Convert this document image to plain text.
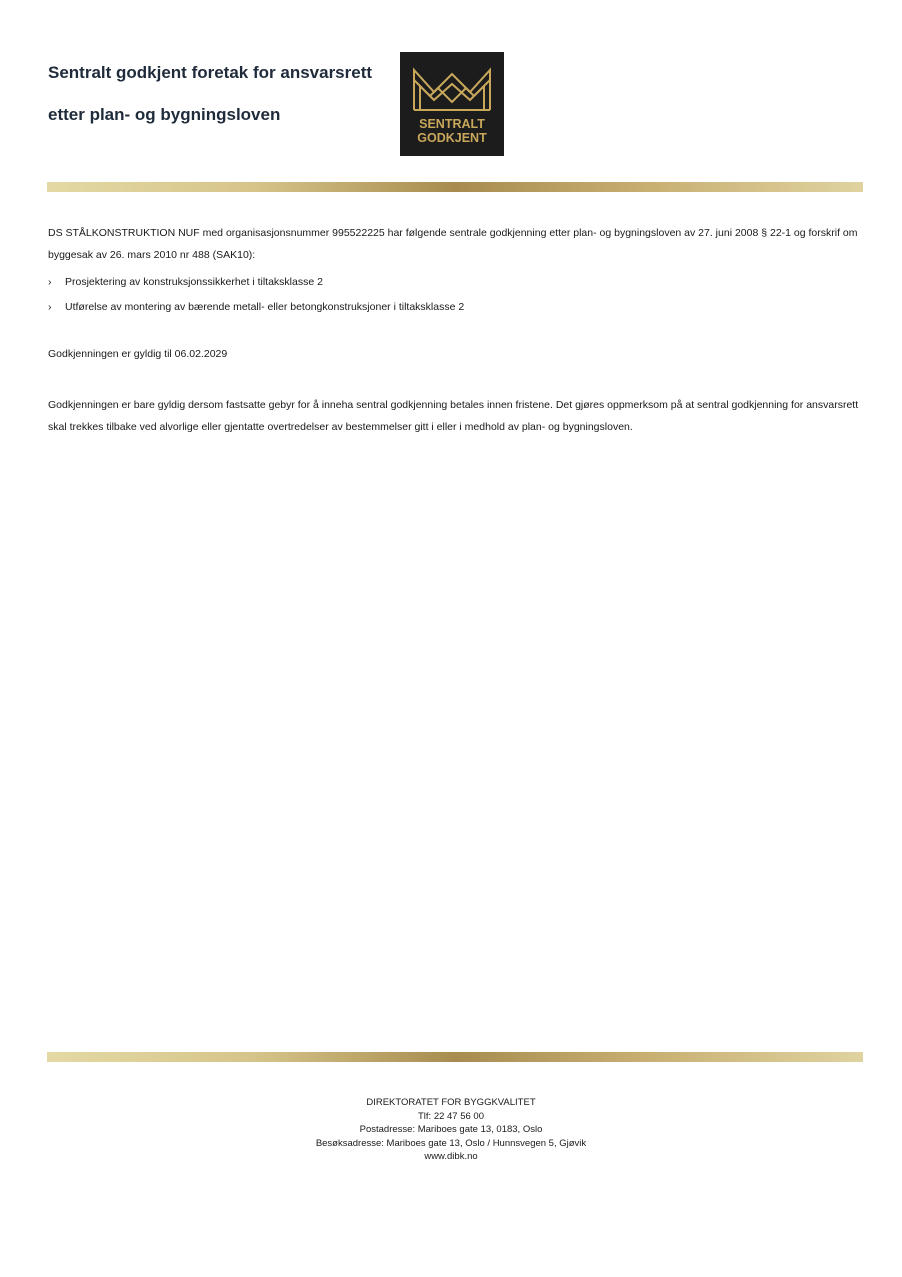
Sentralt godkjent foretak for ansvarsrett
etter plan- og bygningsloven	SENTRALT
GODKJENT

DS STÅLKONSTRUKTION NUF med organisasjonsnummer 995522225 har følgende sentrale godkjenning etter plan- og bygningsloven av 27. juni 2008 § 22-1 og forskrif om byggesak av 26. mars 2010 nr 488 (SAK10):

› Prosjektering av konstruksjonssikkerhet i tiltaksklasse 2
› Utførelse av montering av bærende metall- eller betongkonstruksjoner i tiltaksklasse 2

Godkjenningen er gyldig til 06.02.2029

Godkjenningen er bare gyldig dersom fastsatte gebyr for å inneha sentral godkjenning betales innen fristene. Det gjøres oppmerksom på at sentral godkjenning for ansvarsrett skal trekkes tilbake ved alvorlige eller gjentatte overtredelser av bestemmelser gitt i eller i medhold av plan- og bygningsloven.

DIREKTORATET FOR BYGGKVALITET
Tlf: 22 47 56 00
Postadresse: Mariboes gate 13, 0183, Oslo
Besøksadresse: Mariboes gate 13, Oslo / Hunnsvegen 5, Gjøvik
www.dibk.no
